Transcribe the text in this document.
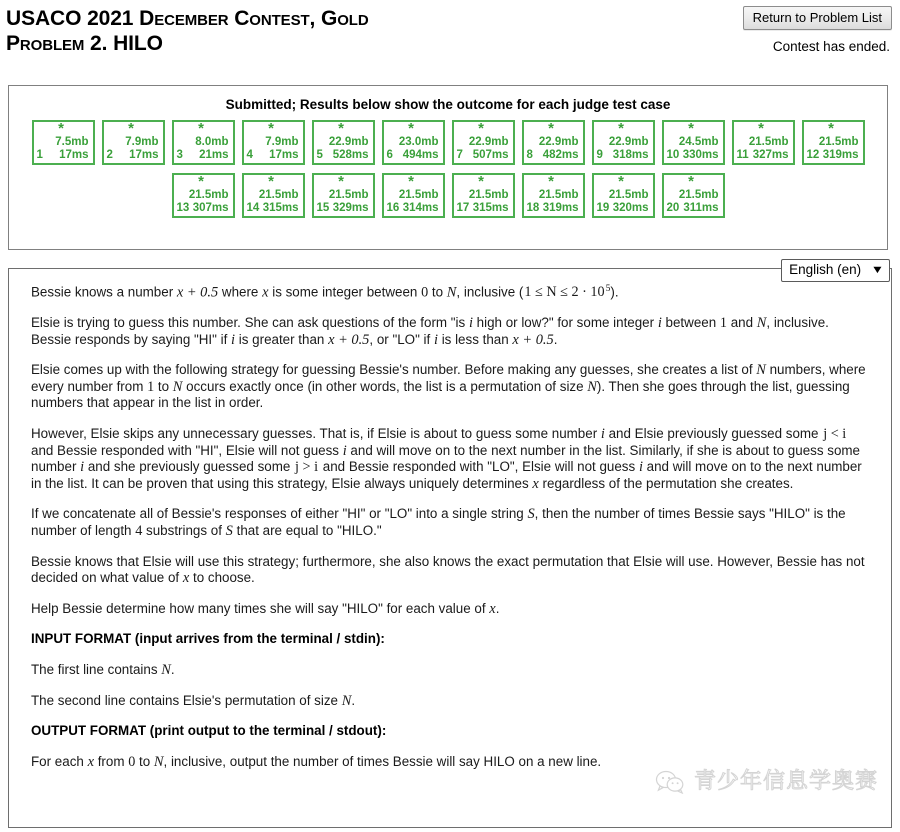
USACO 2021 December Contest, Gold
Problem 2. HILO
Return to Problem List
Contest has ended.
Submitted; Results below show the outcome for each judge test case
*
7.5mb
1 17ms
*
7.9mb
2 17ms
*
8.0mb
3 21ms
*
7.9mb
4 17ms
*
22.9mb
5 528ms
*
23.0mb
6 494ms
*
22.9mb
7 507ms
*
22.9mb
8 482ms
*
22.9mb
9 318ms
*
24.5mb
10 330ms
*
21.5mb
11 327ms
*
21.5mb
12 319ms
*
21.5mb
13 307ms
*
21.5mb
14 315ms
*
21.5mb
15 329ms
*
21.5mb
16 314ms
*
21.5mb
17 315ms
*
21.5mb
18 319ms
*
21.5mb
19 320ms
*
21.5mb
20 311ms
English (en) ▼

Bessie knows a number x + 0.5 where x is some integer between 0 to N, inclusive $(1 \le N \le 2 \cdot 10^5)$.

Elsie is trying to guess this number. She can ask questions of the form "is i high or low?" for some integer i between 1 and N, inclusive. Bessie responds by saying "HI" if i is greater than x + 0.5, or "LO" if i is less than x + 0.5.

Elsie comes up with the following strategy for guessing Bessie's number. Before making any guesses, she creates a list of N numbers, where every number from 1 to N occurs exactly once (in other words, the list is a permutation of size N). Then she goes through the list, guessing numbers that appear in the list in order.

However, Elsie skips any unnecessary guesses. That is, if Elsie is about to guess some number i and Elsie previously guessed some j < i and Bessie responded with "HI", Elsie will not guess i and will move on to the next number in the list. Similarly, if she is about to guess some number i and she previously guessed some j > i and Bessie responded with "LO", Elsie will not guess i and will move on to the next number in the list. It can be proven that using this strategy, Elsie always uniquely determines x regardless of the permutation she creates.

If we concatenate all of Bessie's responses of either "HI" or "LO" into a single string S, then the number of times Bessie says "HILO" is the number of length 4 substrings of S that are equal to "HILO."

Bessie knows that Elsie will use this strategy; furthermore, she also knows the exact permutation that Elsie will use. However, Bessie has not decided on what value of x to choose.

Help Bessie determine how many times she will say "HILO" for each value of x.

INPUT FORMAT (input arrives from the terminal / stdin):

The first line contains N.

The second line contains Elsie's permutation of size N.

OUTPUT FORMAT (print output to the terminal / stdout):

For each x from 0 to N, inclusive, output the number of times Bessie will say HILO on a new line.

青少年信息学奥赛
